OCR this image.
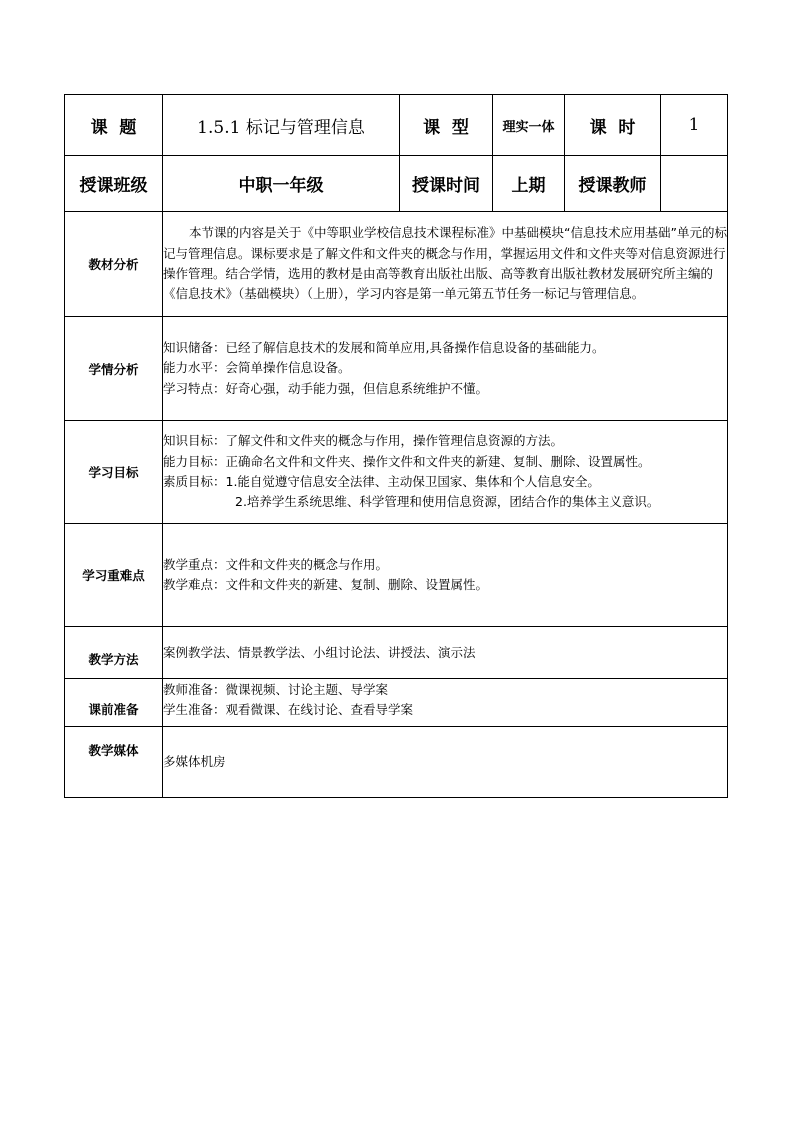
课  题	1.5.1 标记与管理信息	课  型	理实一体	课  时	1
授课班级	中职一年级	授课时间	上期	授课教师	
教材分析	本节课的内容是关于《中等职业学校信息技术课程标准》中基础模块“信息技术应用基础”单元的标记与管理信息。课标要求是了解文件和文件夹的概念与作用，掌握运用文件和文件夹等对信息资源进行操作管理。结合学情，选用的教材是由高等教育出版社出版、高等教育出版社教材发展研究所主编的《信息技术》（基础模块）（上册），学习内容是第一单元第五节任务一标记与管理信息。				

学情分析	知识储备：已经了解信息技术的发展和简单应用,具备操作信息设备的基础能力。

能力水平：会简单操作信息设备。

学习特点：好奇心强，动手能力强，但信息系统维护不懂。				

学习目标	知识目标：了解文件和文件夹的概念与作用，操作管理信息资源的方法。

能力目标：正确命名文件和文件夹、操作文件和文件夹的新建、复制、删除、设置属性。

素质目标：1.能自觉遵守信息安全法律、主动保卫国家、集体和个人信息安全。

2.培养学生系统思维、科学管理和使用信息资源，团结合作的集体主义意识。				

学习重难点	教学重点：文件和文件夹的概念与作用。

教学难点：文件和文件夹的新建、复制、删除、设置属性。				

教学方法	案例教学法、情景教学法、小组讨论法、讲授法、演示法				

课前准备	教师准备：微课视频、讨论主题、导学案

学生准备：观看微课、在线讨论、查看导学案				

教学媒体	多媒体机房				
